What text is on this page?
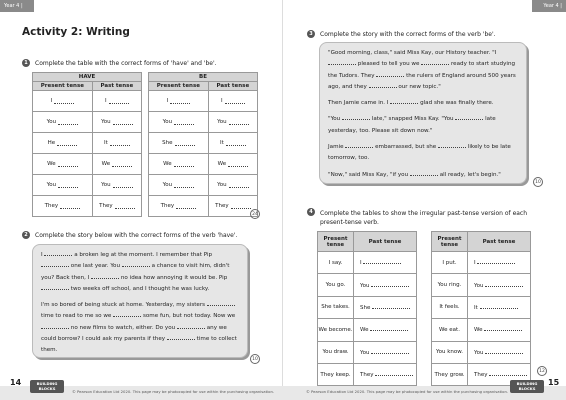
Year 4 | Unit 2 Test
Activity 2: Writing
1	Complete the table with the correct forms of 'have' and 'be'.
HAVE	
Present tense	Past tense

I	I

You	You

He	It

We	We

You	You

They	They
BE	
Present tense	Past tense

I	I

You	You

She	It

We	We

You	You

They	They
24
2	Complete the story below with the correct forms of the verb 'have'.

I	a broken leg at the moment. I remember that Pip  one last year. You	a chance to visit him, didn't you? Back then, I	no idea how annoying it would be. Pip  two weeks off school, and I thought he was lucky.

I'm so bored of being stuck at home. Yesterday, my sisters  time to read to me so we	some fun, but not today. Now we  no new films to watch, either. Do you	any we could borrow? I could ask my parents if they	time to collect them.

10
Year 4 | Unit 2 Test
3	Complete the story with the correct forms of the verb 'be'.

"Good morning, class," said Miss Kay, our History teacher. "I  pleased to tell you we	ready to start studying the Tudors. They	the rulers of England around 500 years ago, and they	our new topic."

Then Jamie came in. I	glad she was finally there.

"You	late," snapped Miss Kay. "You	late yesterday, too. Please sit down now."

Jamie	embarrassed, but she	likely to be late tomorrow, too.

"Now," said Miss Kay, "if you	all ready, let's begin."

10
4	Complete the tables to show the irregular past-tense version of each present-tense verb.
Present tense	Past tense
I say.	I
You go.	You
She takes.	She
We become.	We
You draw.	You
They keep.	They
Present tense	Past tense
I put.	I
You ring.	You
It feels.	It
We eat.	We
You know.	You
They grow.	They
12
14	BUILDING BLOCKS
© Pearson Education Ltd 2020. This page may be photocopied for use within the purchasing organisation.	© Pearson Education Ltd 2020. This page may be photocopied for use within the purchasing organisation.
BUILDING BLOCKS
15
